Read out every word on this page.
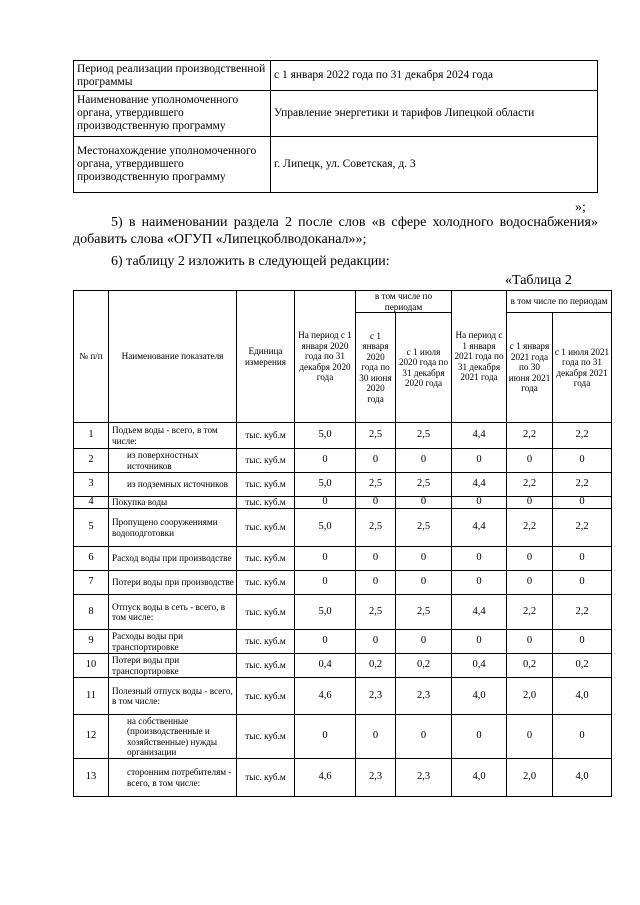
Период реализации производственной программы	с 1 января 2022 года по 31 декабря 2024 года
Наименование уполномоченного органа, утвердившего производственную программу	Управление энергетики и тарифов Липецкой области
Местонахождение уполномоченного органа, утвердившего производственную программу	г. Липецк, ул. Советская, д. 3
»;
5) в наименовании раздела 2 после слов «в сфере холодного водоснабжения» добавить слова «ОГУП «Липецкоблводоканал»»;
6) таблицу 2 изложить в следующей редакции:
«Таблица 2
№ п/п	Наименование показателя	Единица измерения	На период с 1 января 2020 года по 31 декабря 2020 года	в том числе по периодам		На период с 1 января 2021 года по 31 декабря 2021 года	в том числе по периодам	
				с 1 января 2020 года по 30 июня 2020 года	с 1 июля 2020 года по 31 декабря 2020 года		с 1 января 2021 года по 30 июня 2021 года	с 1 июля 2021 года по 31 декабря 2021 года

1	Подъем воды - всего, в том числе:	тыс. куб.м	5,0	2,5	2,5	4,4	2,2	2,2
2	из поверхностных источников	тыс. куб.м	0	0	0	0	0	0
3	из подземных источников	тыс. куб.м	5,0	2,5	2,5	4,4	2,2	2,2
4	Покупка воды	тыс. куб.м	0	0	0	0	0	0
5	Пропущено сооружениями водоподготовки	тыс. куб.м	5,0	2,5	2,5	4,4	2,2	2,2
6	Расход воды при производстве	тыс. куб.м	0	0	0	0	0	0
7	Потери воды при производстве	тыс. куб.м	0	0	0	0	0	0
8	Отпуск воды в сеть - всего, в том числе:	тыс. куб.м	5,0	2,5	2,5	4,4	2,2	2,2
9	Расходы воды при транспортировке	тыс. куб.м	0	0	0	0	0	0
10	Потери воды при транспортировке	тыс. куб.м	0,4	0,2	0,2	0,4	0,2	0,2
11	Полезный отпуск воды - всего, в том числе:	тыс. куб.м	4,6	2,3	2,3	4,0	2,0	4,0
12	на собственные (производственные и хозяйственные) нужды организации	тыс. куб.м	0	0	0	0	0	0
13	сторонним потребителям - всего, в том числе:	тыс. куб.м	4,6	2,3	2,3	4,0	2,0	4,0
